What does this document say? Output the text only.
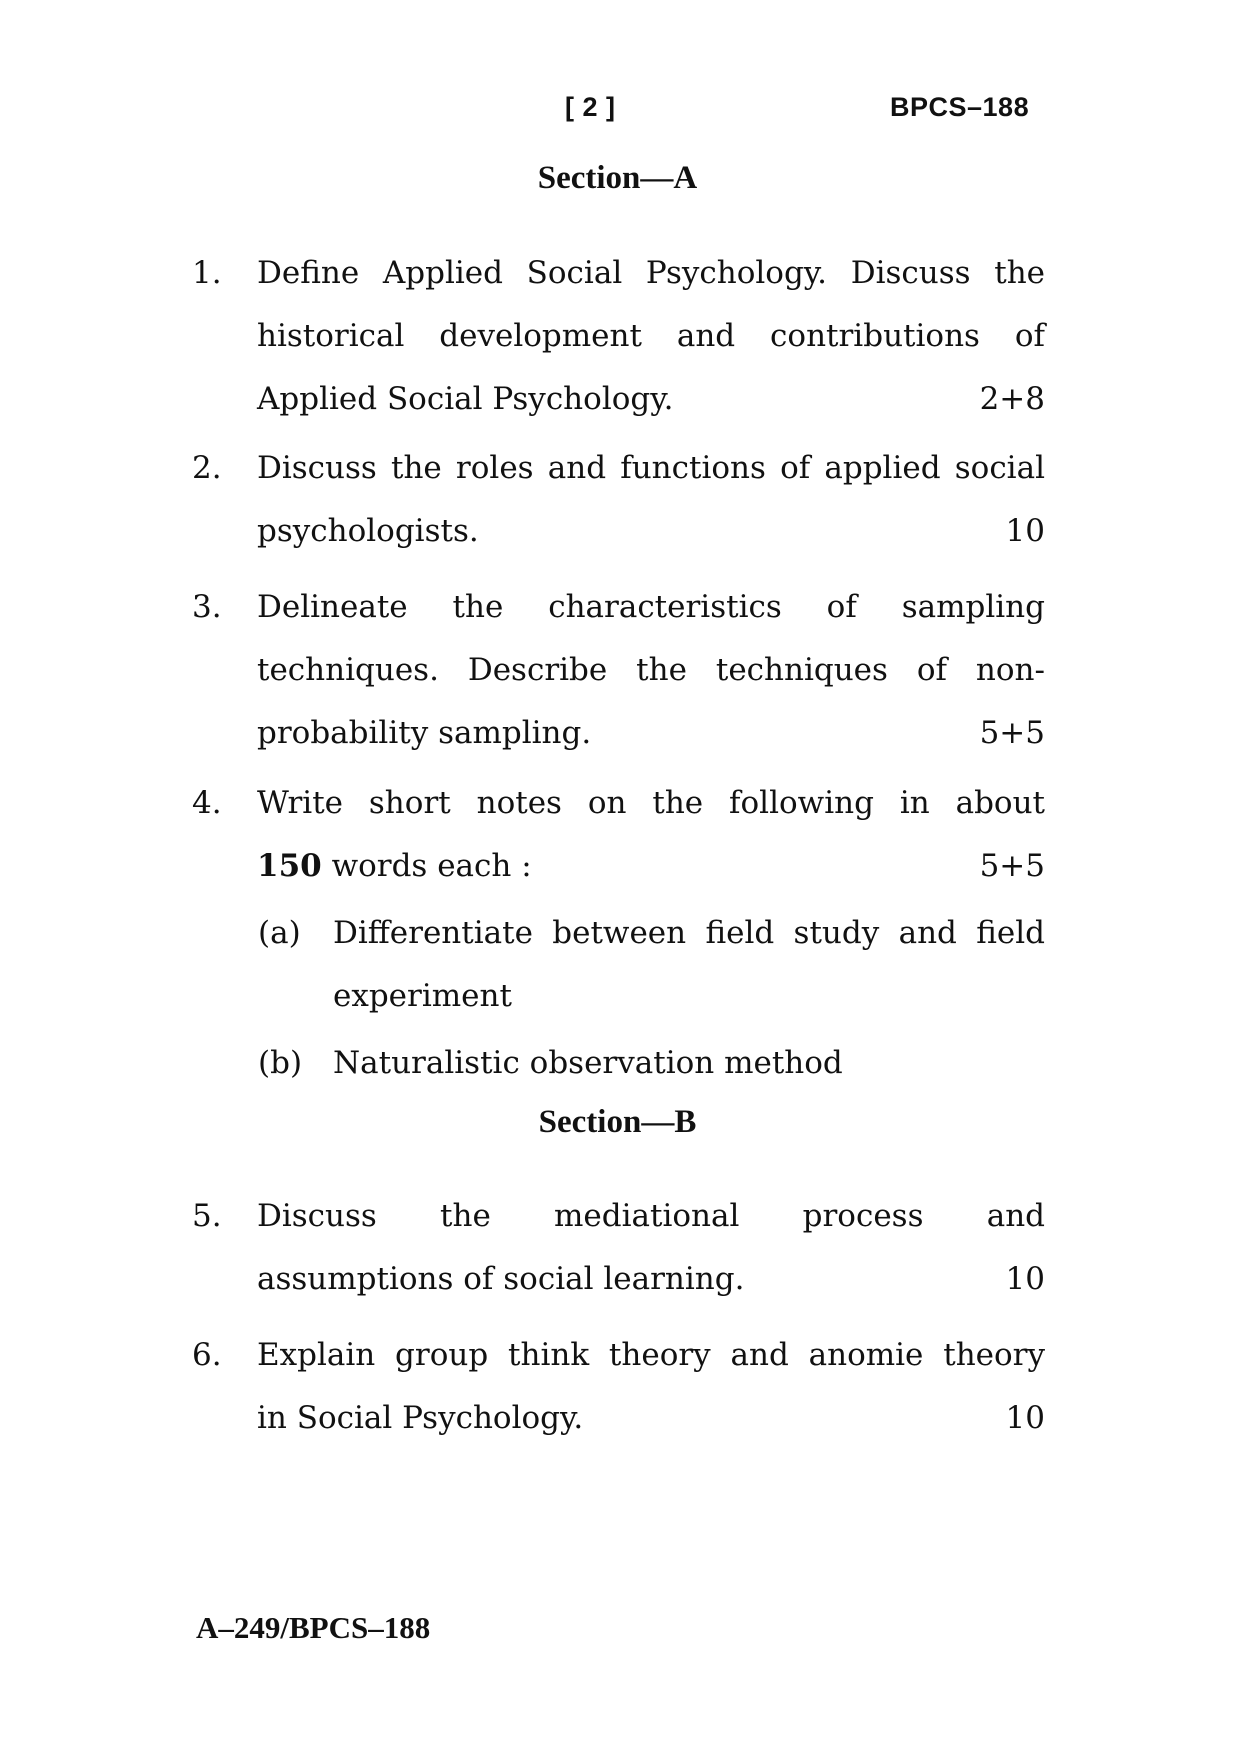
[ 2 ]	BPCS–188
Section—A
1. Define Applied Social Psychology. Discuss the
historical development and contributions of
Applied Social Psychology.	2+8
2. Discuss the roles and functions of applied social
psychologists.	10
3. Delineate the characteristics of sampling
techniques. Describe the techniques of non-
probability sampling.	5+5
4. Write short notes on the following in about
150 words each :	5+5
(a) Differentiate between field study and field
experiment
(b) Naturalistic observation method
Section—B
5. Discuss the mediational process and
assumptions of social learning.	10
6. Explain group think theory and anomie theory
in Social Psychology.	10
A–249/BPCS–188
